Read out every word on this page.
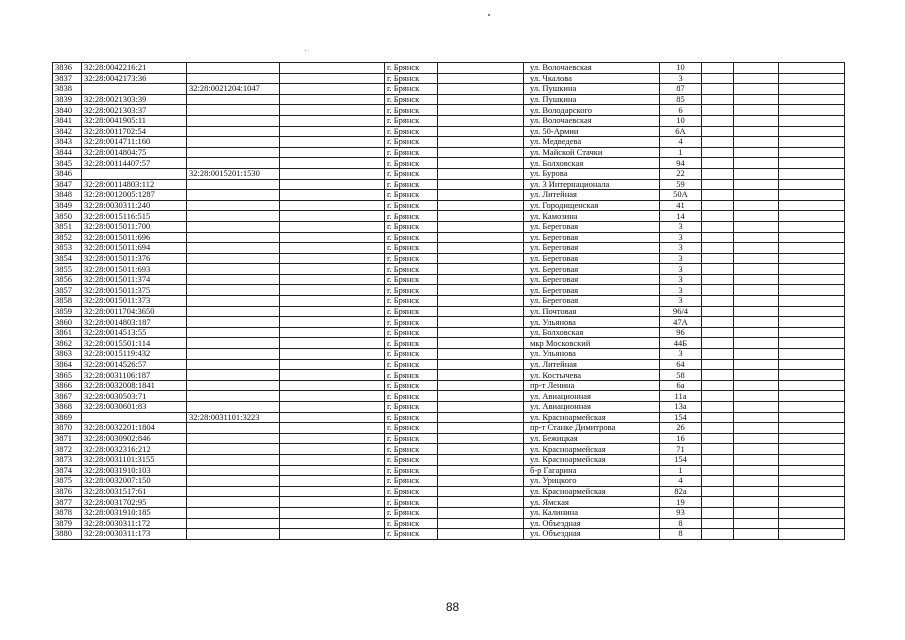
3836	32:28:0042216:21			г. Брянск		ул. Волочаевская	10			
3837	32:28:0042173:36			г. Брянск		ул. Чкалова	3			
3838		32:28:0021204:1047		г. Брянск		ул. Пушкина	87			
3839	32:28:0021303:39			г. Брянск		ул. Пушкина	85			
3840	32:28:0021303:37			г. Брянск		ул. Володарского	6			
3841	32:28:0041905:11			г. Брянск		ул. Волочаевская	10			
3842	32:28:0011702:54			г. Брянск		ул. 50-Армии	6А			
3843	32:28:0014711:160			г. Брянск		ул. Медведева	4			
3844	32:28:0014804:75			г. Брянск		ул. Майской Стачки	1			
3845	32:28:00114407:57			г. Брянск		ул. Болховская	94			
3846		32:28:0015201:1530		г. Брянск		ул. Бурова	22			
3847	32:28:00114803:112			г. Брянск		ул. 3 Интернационала	59			
3848	32:28:0012005:1287			г. Брянск		ул. Литейная	50А			
3849	32:28:0030311:240			г. Брянск		ул. Городищенская	41			
3850	32:28:0015116:515			г. Брянск		ул. Камозина	14			
3851	32:28:0015011:700			г. Брянск		ул. Береговая	3			
3852	32:28:0015011:696			г. Брянск		ул. Береговая	3			
3853	32:28:0015011:694			г. Брянск		ул. Береговая	3			
3854	32:28:0015011:376			г. Брянск		ул. Береговая	3			
3855	32:28:0015011:693			г. Брянск		ул. Береговая	3			
3856	32:28:0015011:374			г. Брянск		ул. Береговая	3			
3857	32:28:0015011:375			г. Брянск		ул. Береговая	3			
3858	32:28:0015011:373			г. Брянск		ул. Береговая	3			
3859	32:28:0011704:3650			г. Брянск		ул. Почтовая	96/4			
3860	32:28:0014803:187			г. Брянск		ул. Ульянова	47А			
3861	32:28:0014513:55			г. Брянск		ул. Болховская	96			
3862	32:28:0015501:114			г. Брянск		мкр Московский	44Б			
3863	32:28:0015119:432			г. Брянск		ул. Ульянова	3			
3864	32:28:0014526:57			г. Брянск		ул. Литейная	64			
3865	32:28:0031106:187			г. Брянск		ул. Костычева	58			
3866	32:28:0032008:1841			г. Брянск		пр-т Ленина	6а			
3867	32:28:0030503:71			г. Брянск		ул. Авиационная	11а			
3868	32:28:0030601:83			г. Брянск		ул. Авиационная	13а			
3869		32:28:0031101:3223		г. Брянск		ул. Красноармейская	154			
3870	32:28:0032201:1804			г. Брянск		пр-т Станке Димитрова	26			
3871	32:28:0030902:846			г. Брянск		ул. Бежицкая	16			
3872	32:28:0032316:212			г. Брянск		ул. Красноармейская	71			
3873	32:28:0031101:3155			г. Брянск		ул. Красноармейская	154			
3874	32:28:0031910:103			г. Брянск		б-р Гагарина	1			
3875	32:28:0032007:150			г. Брянск		ул. Урицкого	4			
3876	32:28:0031517:61			г. Брянск		ул. Красноармейская	82а			
3877	32:28:0031702:95			г. Брянск		ул. Ямская	19			
3878	32:28:0031910:185			г. Брянск		ул. Калинина	93			
3879	32:28:0030311:172			г. Брянск		ул. Объездная	8			
3880	32:28:0030311:173			г. Брянск		ул. Объездная	8			
88
